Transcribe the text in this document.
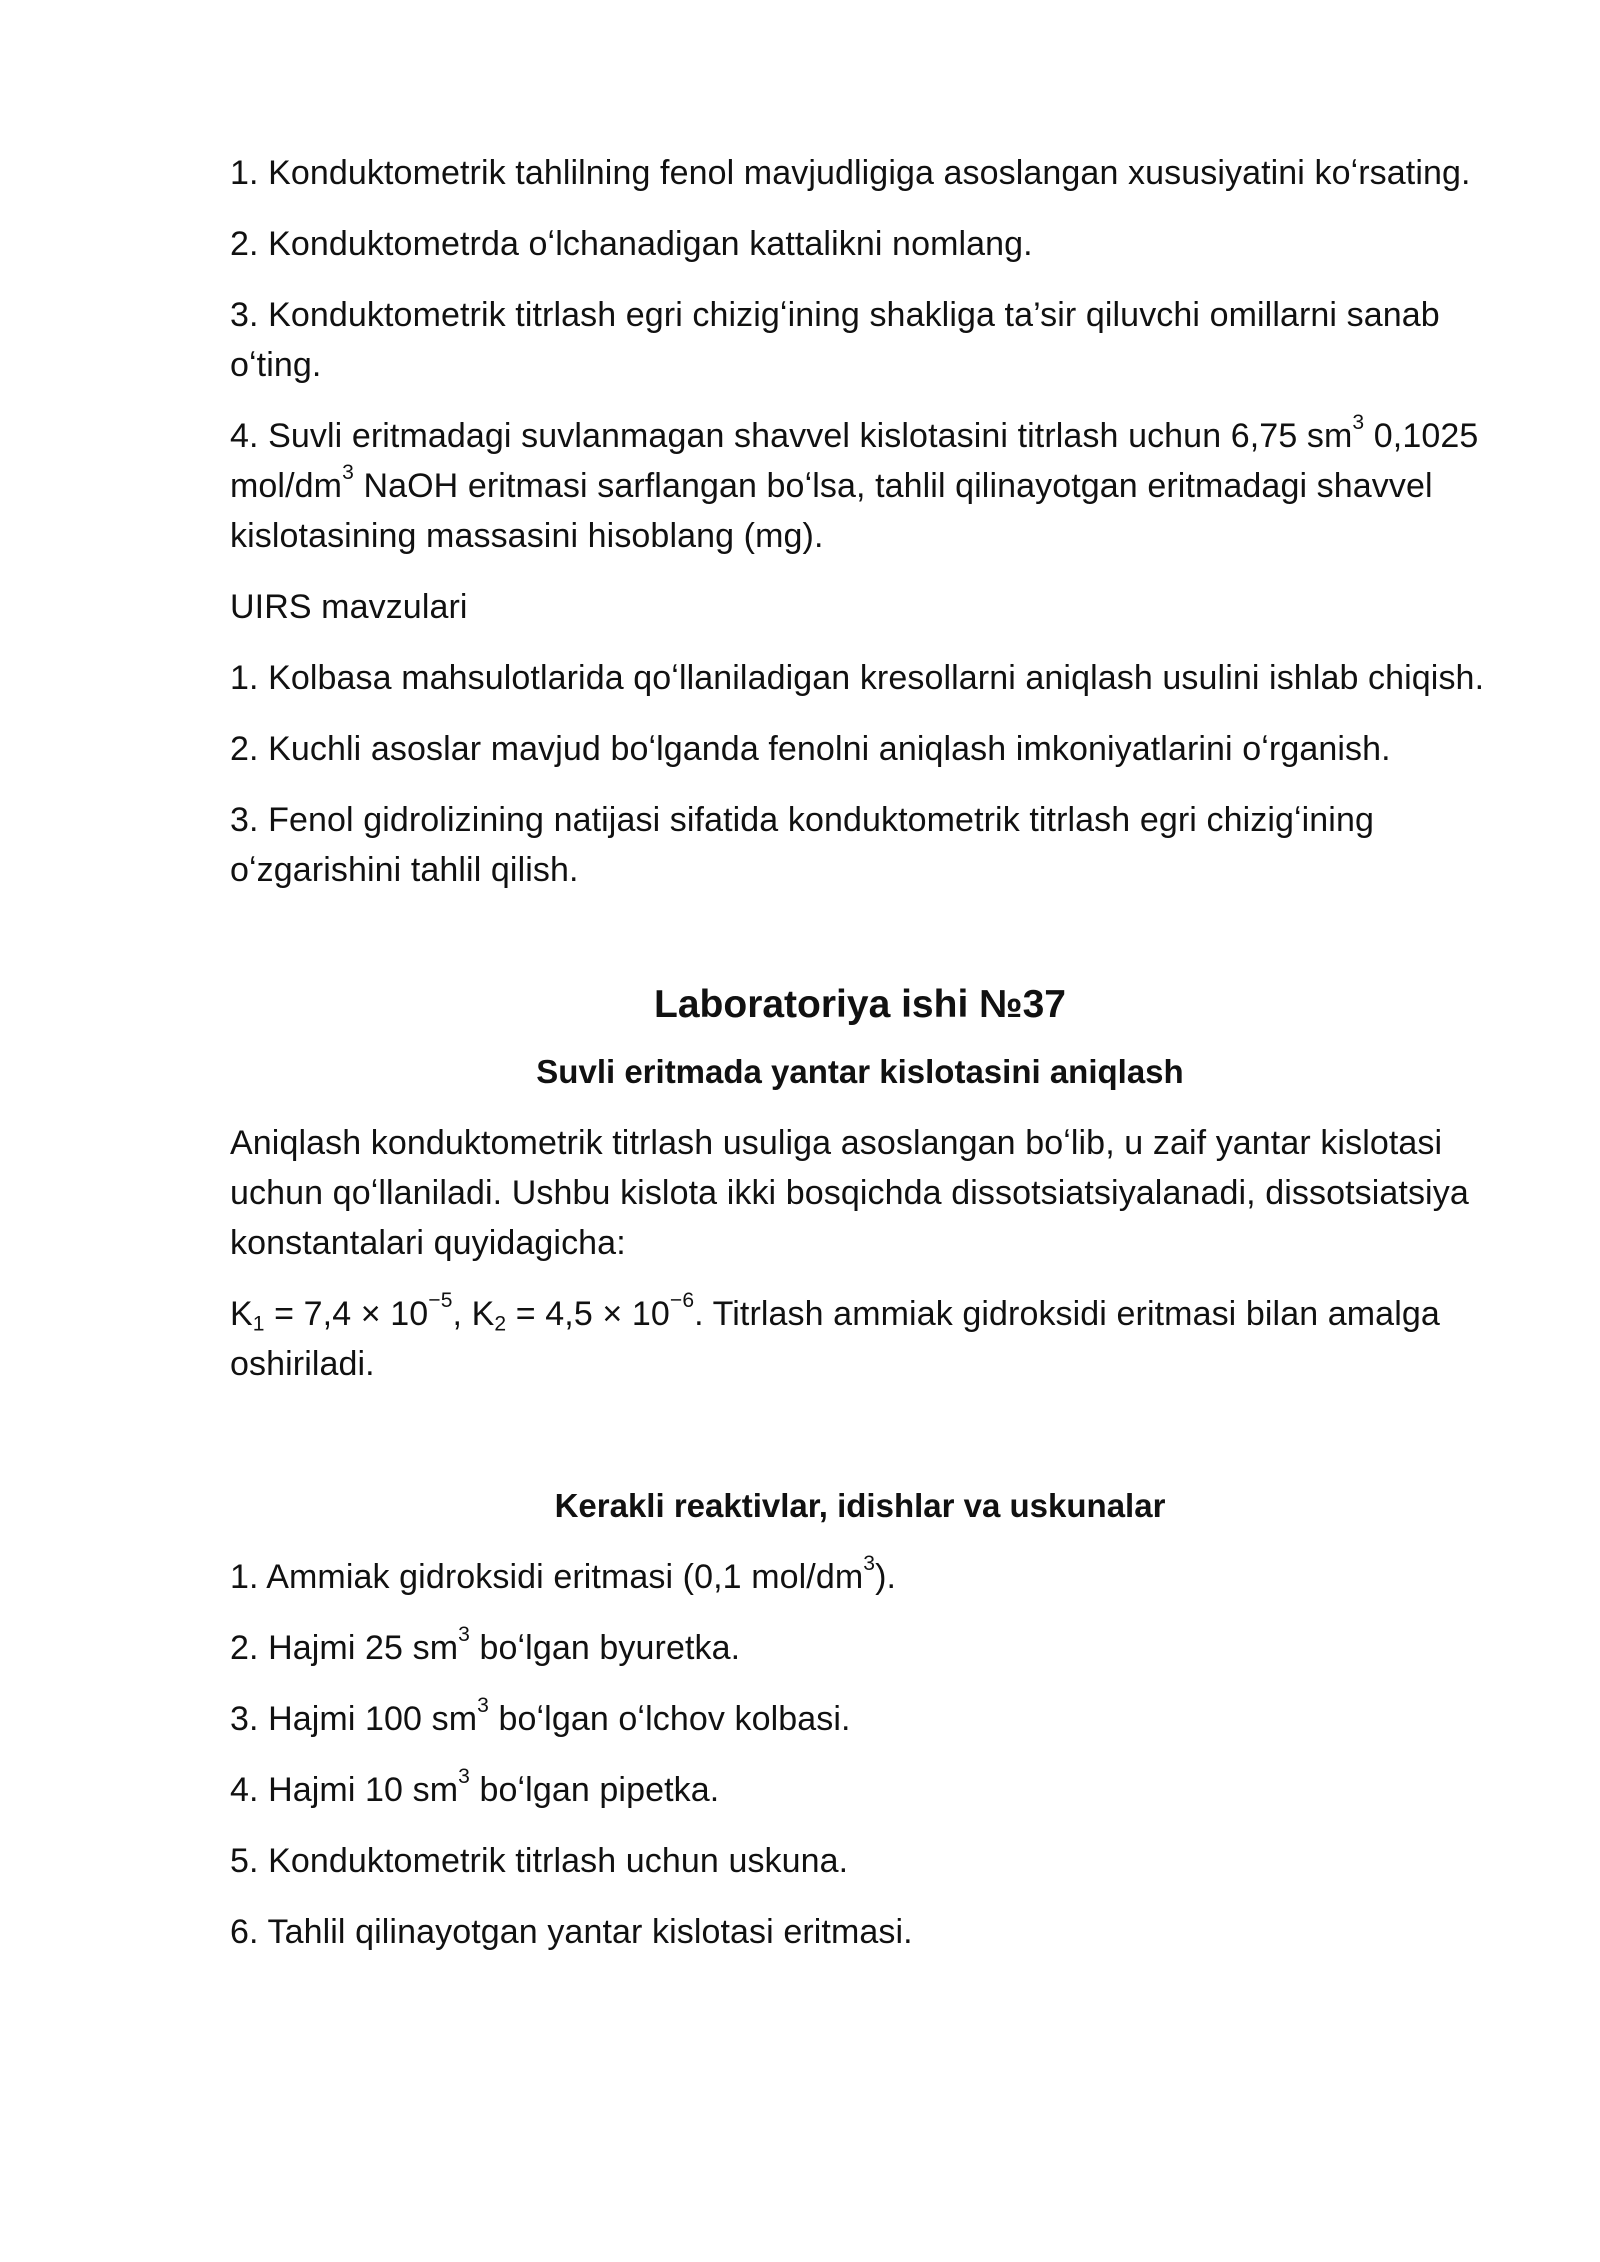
1. Konduktometrik tahlilning fenol mavjudligiga asoslangan xususiyatini koʻrsating.

2. Konduktometrda oʻlchanadigan kattalikni nomlang.

3. Konduktometrik titrlash egri chizigʻining shakliga ta’sir qiluvchi omillarni sanab oʻting.

4. Suvli eritmadagi suvlanmagan shavvel kislotasini titrlash uchun 6,75 $sm^3$ 0,1025 mol/$dm^3$ NaOH eritmasi sarflangan boʻlsa, tahlil qilinayotgan eritmadagi shavvel kislotasining massasini hisoblang (mg).

UIRS mavzulari

1. Kolbasa mahsulotlarida qoʻllaniladigan kresollarni aniqlash usulini ishlab chiqish.

2. Kuchli asoslar mavjud boʻlganda fenolni aniqlash imkoniyatlarini oʻrganish.

3. Fenol gidrolizining natijasi sifatida konduktometrik titrlash egri chizigʻining oʻzgarishini tahlil qilish.

Laboratoriya ishi №37
Suvli eritmada yantar kislotasini aniqlash

Aniqlash konduktometrik titrlash usuliga asoslangan boʻlib, u zaif yantar kislotasi uchun qoʻllaniladi. Ushbu kislota ikki bosqichda dissotsiatsiyalanadi, dissotsiatsiya konstantalari quyidagicha:

$K_1 = 7,4 \times 10^{-5}$, $K_2 = 4,5 \times 10^{-6}$. Titrlash ammiak gidroksidi eritmasi bilan amalga oshiriladi.

Kerakli reaktivlar, idishlar va uskunalar

1. Ammiak gidroksidi eritmasi (0,1 mol/$dm^3$).

2. Hajmi 25 $sm^3$ boʻlgan byuretka.

3. Hajmi 100 $sm^3$ boʻlgan oʻlchov kolbasi.

4. Hajmi 10 $sm^3$ boʻlgan pipetka.

5. Konduktometrik titrlash uchun uskuna.

6. Tahlil qilinayotgan yantar kislotasi eritmasi.
